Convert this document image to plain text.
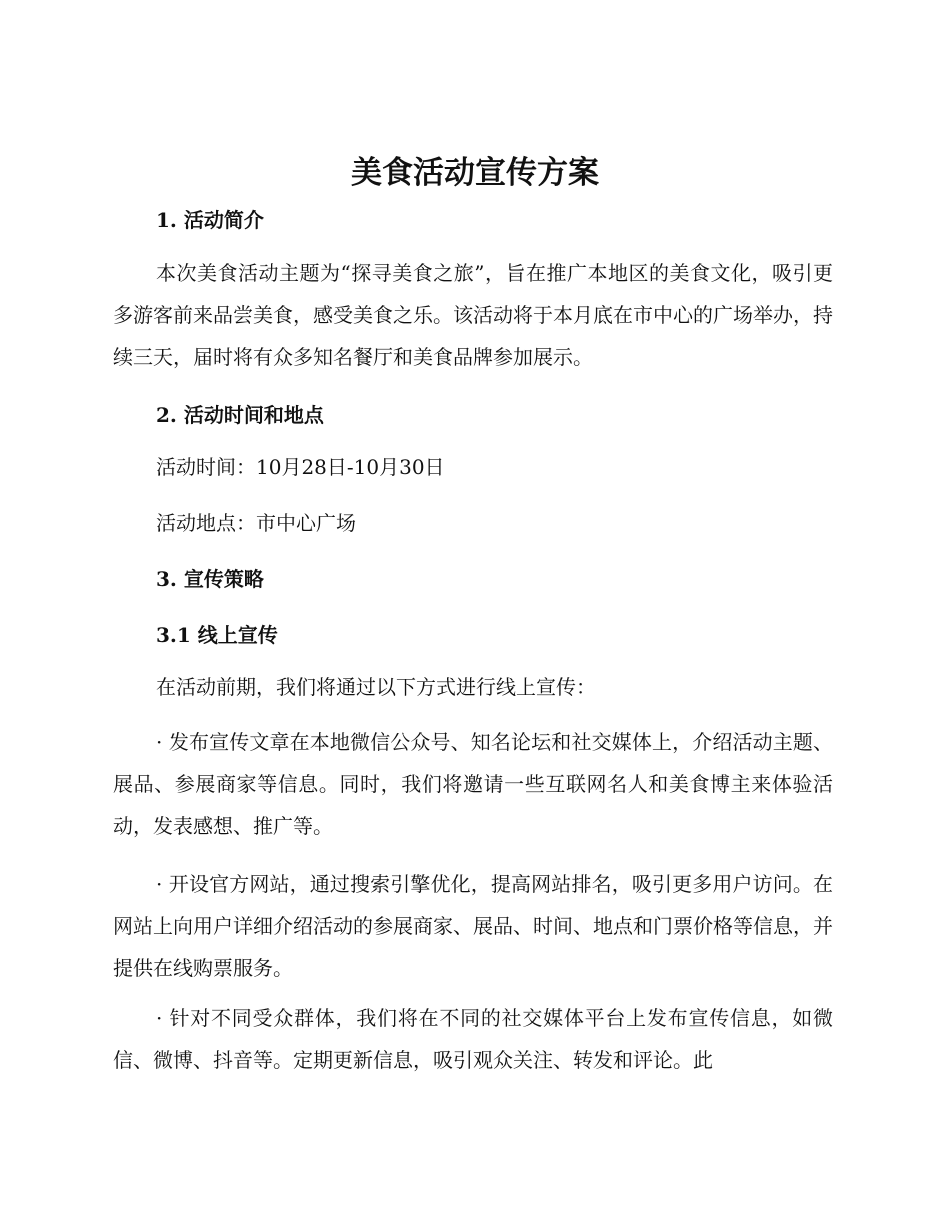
美食活动宣传方案
1. 活动简介

本次美食活动主题为“探寻美食之旅”，旨在推广本地区的美食文化，吸引更多游客前来品尝美食，感受美食之乐。该活动将于本月底在市中心的广场举办，持续三天，届时将有众多知名餐厅和美食品牌参加展示。

2. 活动时间和地点

活动时间：10月28日-10月30日

活动地点：市中心广场

3. 宣传策略
3.1 线上宣传

在活动前期，我们将通过以下方式进行线上宣传：

· 发布宣传文章在本地微信公众号、知名论坛和社交媒体上，介绍活动主题、展品、参展商家等信息。同时，我们将邀请一些互联网名人和美食博主来体验活动，发表感想、推广等。

· 开设官方网站，通过搜索引擎优化，提高网站排名，吸引更多用户访问。在网站上向用户详细介绍活动的参展商家、展品、时间、地点和门票价格等信息，并提供在线购票服务。

· 针对不同受众群体，我们将在不同的社交媒体平台上发布宣传信息，如微信、微博、抖音等。定期更新信息，吸引观众关注、转发和评论。此
